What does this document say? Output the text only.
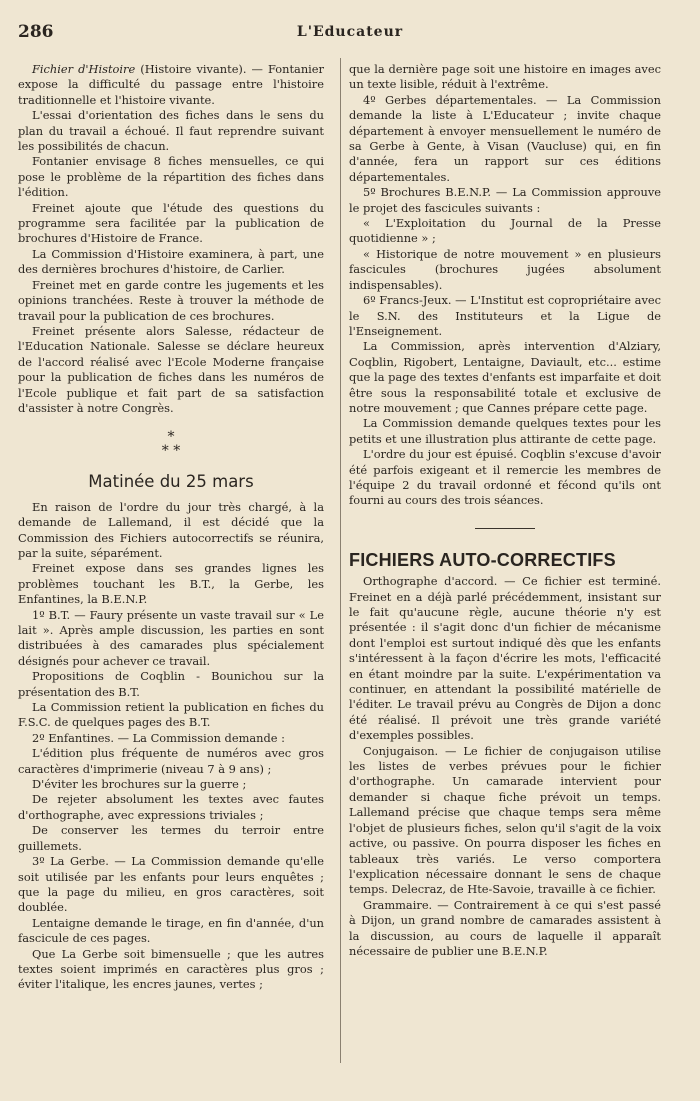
286	L'Educateur

Fichier d'Histoire (Histoire vivante). — Fontanier expose la difficulté du passage entre l'histoire traditionnelle et l'histoire vivante.

L'essai d'orientation des fiches dans le sens du plan du travail a échoué. Il faut reprendre suivant les possibilités de chacun.

Fontanier envisage 8 fiches mensuelles, ce qui pose le problème de la répartition des fiches dans l'édition.

Freinet ajoute que l'étude des questions du programme sera facilitée par la publication de brochures d'Histoire de France.

La Commission d'Histoire examinera, à part, une des dernières brochures d'histoire, de Carlier.

Freinet met en garde contre les jugements et les opinions tranchées. Reste à trouver la méthode de travail pour la publication de ces brochures.

Freinet présente alors Salesse, rédacteur de l'Education Nationale. Salesse se déclare heureux de l'accord réalisé avec l'Ecole Moderne française pour la publication de fiches dans les numéros de l'Ecole publique et fait part de sa satisfaction d'assister à notre Congrès.

*
* *
Matinée du 25 mars

En raison de l'ordre du jour très chargé, à la demande de Lallemand, il est décidé que la Commission des Fichiers autocorrectifs se réunira, par la suite, séparément.

Freinet expose dans ses grandes lignes les problèmes touchant les B.T., la Gerbe, les Enfantines, la B.E.N.P.

1º B.T. — Faury présente un vaste travail sur « Le lait ». Après ample discussion, les parties en sont distribuées à des camarades plus spécialement désignés pour achever ce travail.

Propositions de Coqblin - Bounichou sur la présentation des B.T.

La Commission retient la publication en fiches du F.S.C. de quelques pages des B.T.

2º Enfantines. — La Commission demande :

L'édition plus fréquente de numéros avec gros caractères d'imprimerie (niveau 7 à 9 ans) ;

D'éviter les brochures sur la guerre ;

De rejeter absolument les textes avec fautes d'orthographe, avec expressions triviales ;

De conserver les termes du terroir entre guillemets.

3º La Gerbe. — La Commission demande qu'elle soit utilisée par les enfants pour leurs enquêtes ; que la page du milieu, en gros caractères, soit doublée.

Lentaigne demande le tirage, en fin d'année, d'un fascicule de ces pages.

Que La Gerbe soit bimensuelle ; que les autres textes soient imprimés en caractères plus gros ; éviter l'italique, les encres jaunes, vertes ;

que la dernière page soit une histoire en images avec un texte lisible, réduit à l'extrême.

4º Gerbes départementales. — La Commission demande la liste à L'Educateur ; invite chaque département à envoyer mensuellement le numéro de sa Gerbe à Gente, à Visan (Vaucluse) qui, en fin d'année, fera un rapport sur ces éditions départementales.

5º Brochures B.E.N.P. — La Commission approuve le projet des fascicules suivants :

« L'Exploitation du Journal de la Presse quotidienne » ;

« Historique de notre mouvement » en plusieurs fascicules (brochures jugées absolument indispensables).

6º Francs-Jeux. — L'Institut est copropriétaire avec le S.N. des Instituteurs et la Ligue de l'Enseignement.

La Commission, après intervention d'Alziary, Coqblin, Rigobert, Lentaigne, Daviault, etc... estime que la page des textes d'enfants est imparfaite et doit être sous la responsabilité totale et exclusive de notre mouvement ; que Cannes prépare cette page.

La Commission demande quelques textes pour les petits et une illustration plus attirante de cette page.

L'ordre du jour est épuisé. Coqblin s'excuse d'avoir été parfois exigeant et il remercie les membres de l'équipe 2 du travail ordonné et fécond qu'ils ont fourni au cours des trois séances.

FICHIERS AUTO-CORRECTIFS

Orthographe d'accord. — Ce fichier est terminé. Freinet en a déjà parlé précédemment, insistant sur le fait qu'aucune règle, aucune théorie n'y est présentée : il s'agit donc d'un fichier de mécanisme dont l'emploi est surtout indiqué dès que les enfants s'intéressent à la façon d'écrire les mots, l'efficacité en étant moindre par la suite. L'expérimentation va continuer, en attendant la possibilité matérielle de l'éditer. Le travail prévu au Congrès de Dijon a donc été réalisé. Il prévoit une très grande variété d'exemples possibles.

Conjugaison. — Le fichier de conjugaison utilise les listes de verbes prévues pour le fichier d'orthographe. Un camarade intervient pour demander si chaque fiche prévoit un temps. Lallemand précise que chaque temps sera même l'objet de plusieurs fiches, selon qu'il s'agit de la voix active, ou passive. On pourra disposer les fiches en tableaux très variés. Le verso comportera l'explication nécessaire donnant le sens de chaque temps. Delecraz, de Hte-Savoie, travaille à ce fichier.

Grammaire. — Contrairement à ce qui s'est passé à Dijon, un grand nombre de camarades assistent à la discussion, au cours de laquelle il apparaît nécessaire de publier une B.E.N.P.
